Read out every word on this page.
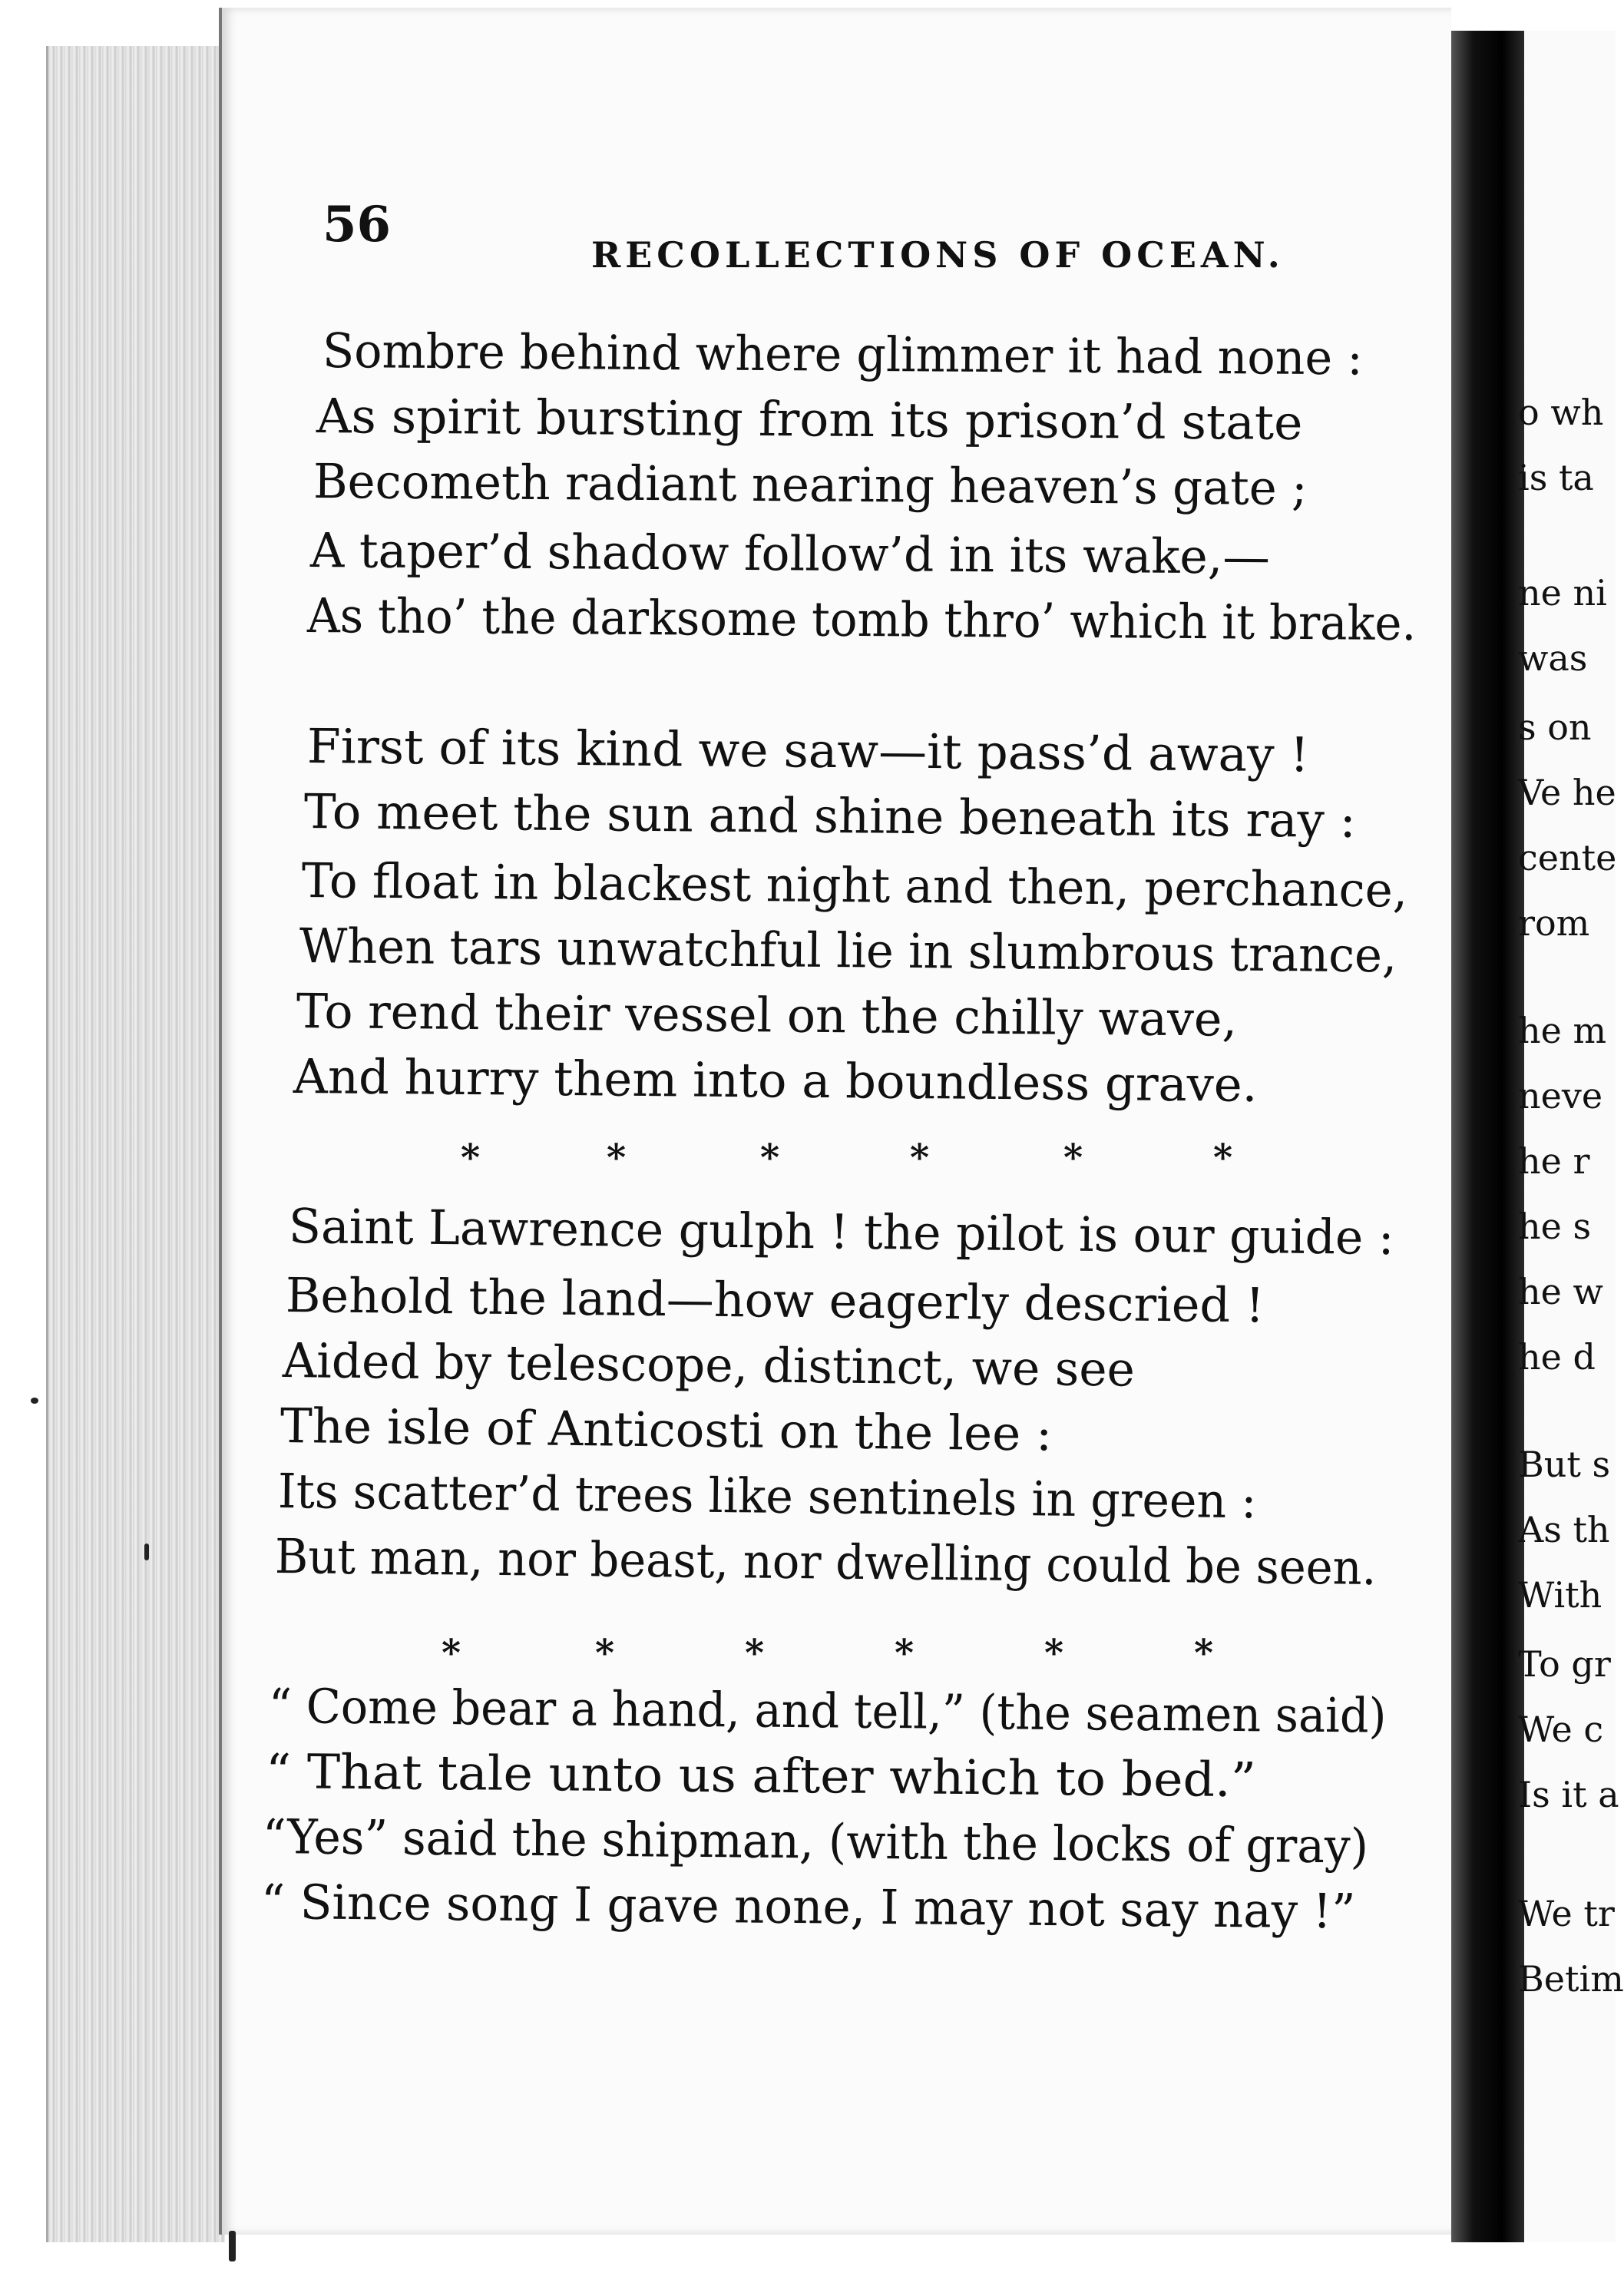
o wh
is ta
ne ni
was
s on
Ve he
cente
rom
he m
neve
he r
he s
he w
he d
But s
As th
With
To gr
We c
Is it a
We tr
Betim
56
RECOLLECTIONS OF OCEAN.
Sombre behind where glimmer it had none :
As spirit bursting from its prison’d state
Becometh radiant nearing heaven’s gate ;
A taper’d shadow follow’d in its wake,—
As tho’ the darksome tomb thro’ which it brake.
First of its kind we saw—it pass’d away !
To meet the sun and shine beneath its ray :
To float in blackest night and then, perchance,
When tars unwatchful lie in slumbrous trance,
To rend their vessel on the chilly wave,
And hurry them into a boundless grave.
Saint Lawrence gulph ! the pilot is our guide :
Behold the land—how eagerly descried !
Aided by telescope, distinct, we see
The isle of Anticosti on the lee :
Its scatter’d trees like sentinels in green :
But man, nor beast, nor dwelling could be seen.
“ Come bear a hand, and tell,” (the seamen said)
“ That tale unto us after which to bed.”
“Yes” said the shipman, (with the locks of gray)
“ Since song I gave none, I may not say nay !”
*	*	*	*	*	*
*	*	*	*	*	*
